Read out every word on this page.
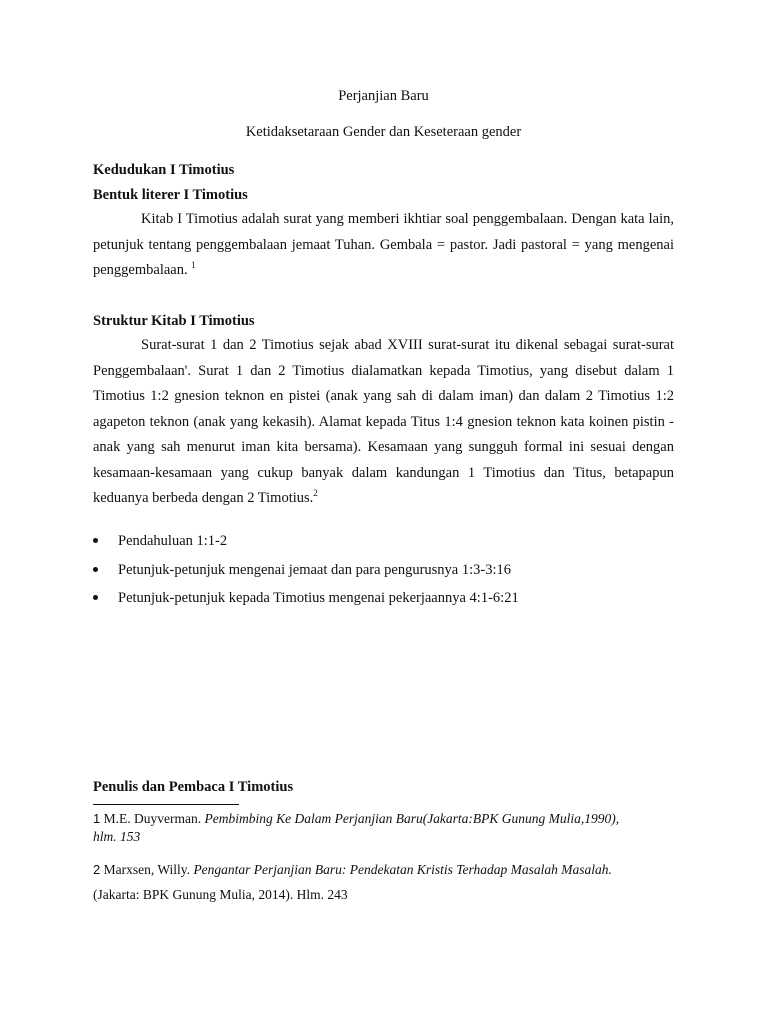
Perjanjian Baru
Ketidaksetaraan Gender dan Keseteraan gender
Kedudukan I Timotius
Bentuk literer I Timotius
Kitab I Timotius adalah surat yang memberi ikhtiar soal penggembalaan. Dengan kata lain, petunjuk tentang penggembalaan jemaat Tuhan. Gembala = pastor. Jadi pastoral = yang mengenai penggembalaan. $^1$
Struktur Kitab I Timotius
Surat-surat 1 dan 2 Timotius sejak abad XVIII surat-surat itu dikenal sebagai surat-surat Penggembalaan'. Surat 1 dan 2 Timotius dialamatkan kepada Timotius, yang disebut dalam 1 Timotius 1:2 gnesion teknon en pistei (anak yang sah di dalam iman) dan dalam 2 Timotius 1:2 agapeton teknon (anak yang kekasih). Alamat kepada Titus 1:4 gnesion teknon kata koinen pistin - anak yang sah menurut iman kita bersama). Kesamaan yang sungguh formal ini sesuai dengan kesamaan-kesamaan yang cukup banyak dalam kandungan 1 Timotius dan Titus, betapapun keduanya berbeda dengan 2 Timotius.$^2$
Pendahuluan 1:1-2
Petunjuk-petunjuk mengenai jemaat dan para pengurusnya 1:3-3:16
Petunjuk-petunjuk kepada Timotius mengenai pekerjaannya 4:1-6:21
Penulis dan Pembaca I Timotius
1 M.E. Duyverman. Pembimbing Ke Dalam Perjanjian Baru(Jakarta:BPK Gunung Mulia,1990), hlm. 153
2 Marxsen, Willy. Pengantar Perjanjian Baru: Pendekatan Kristis Terhadap Masalah Masalah. (Jakarta: BPK Gunung Mulia, 2014). Hlm. 243
